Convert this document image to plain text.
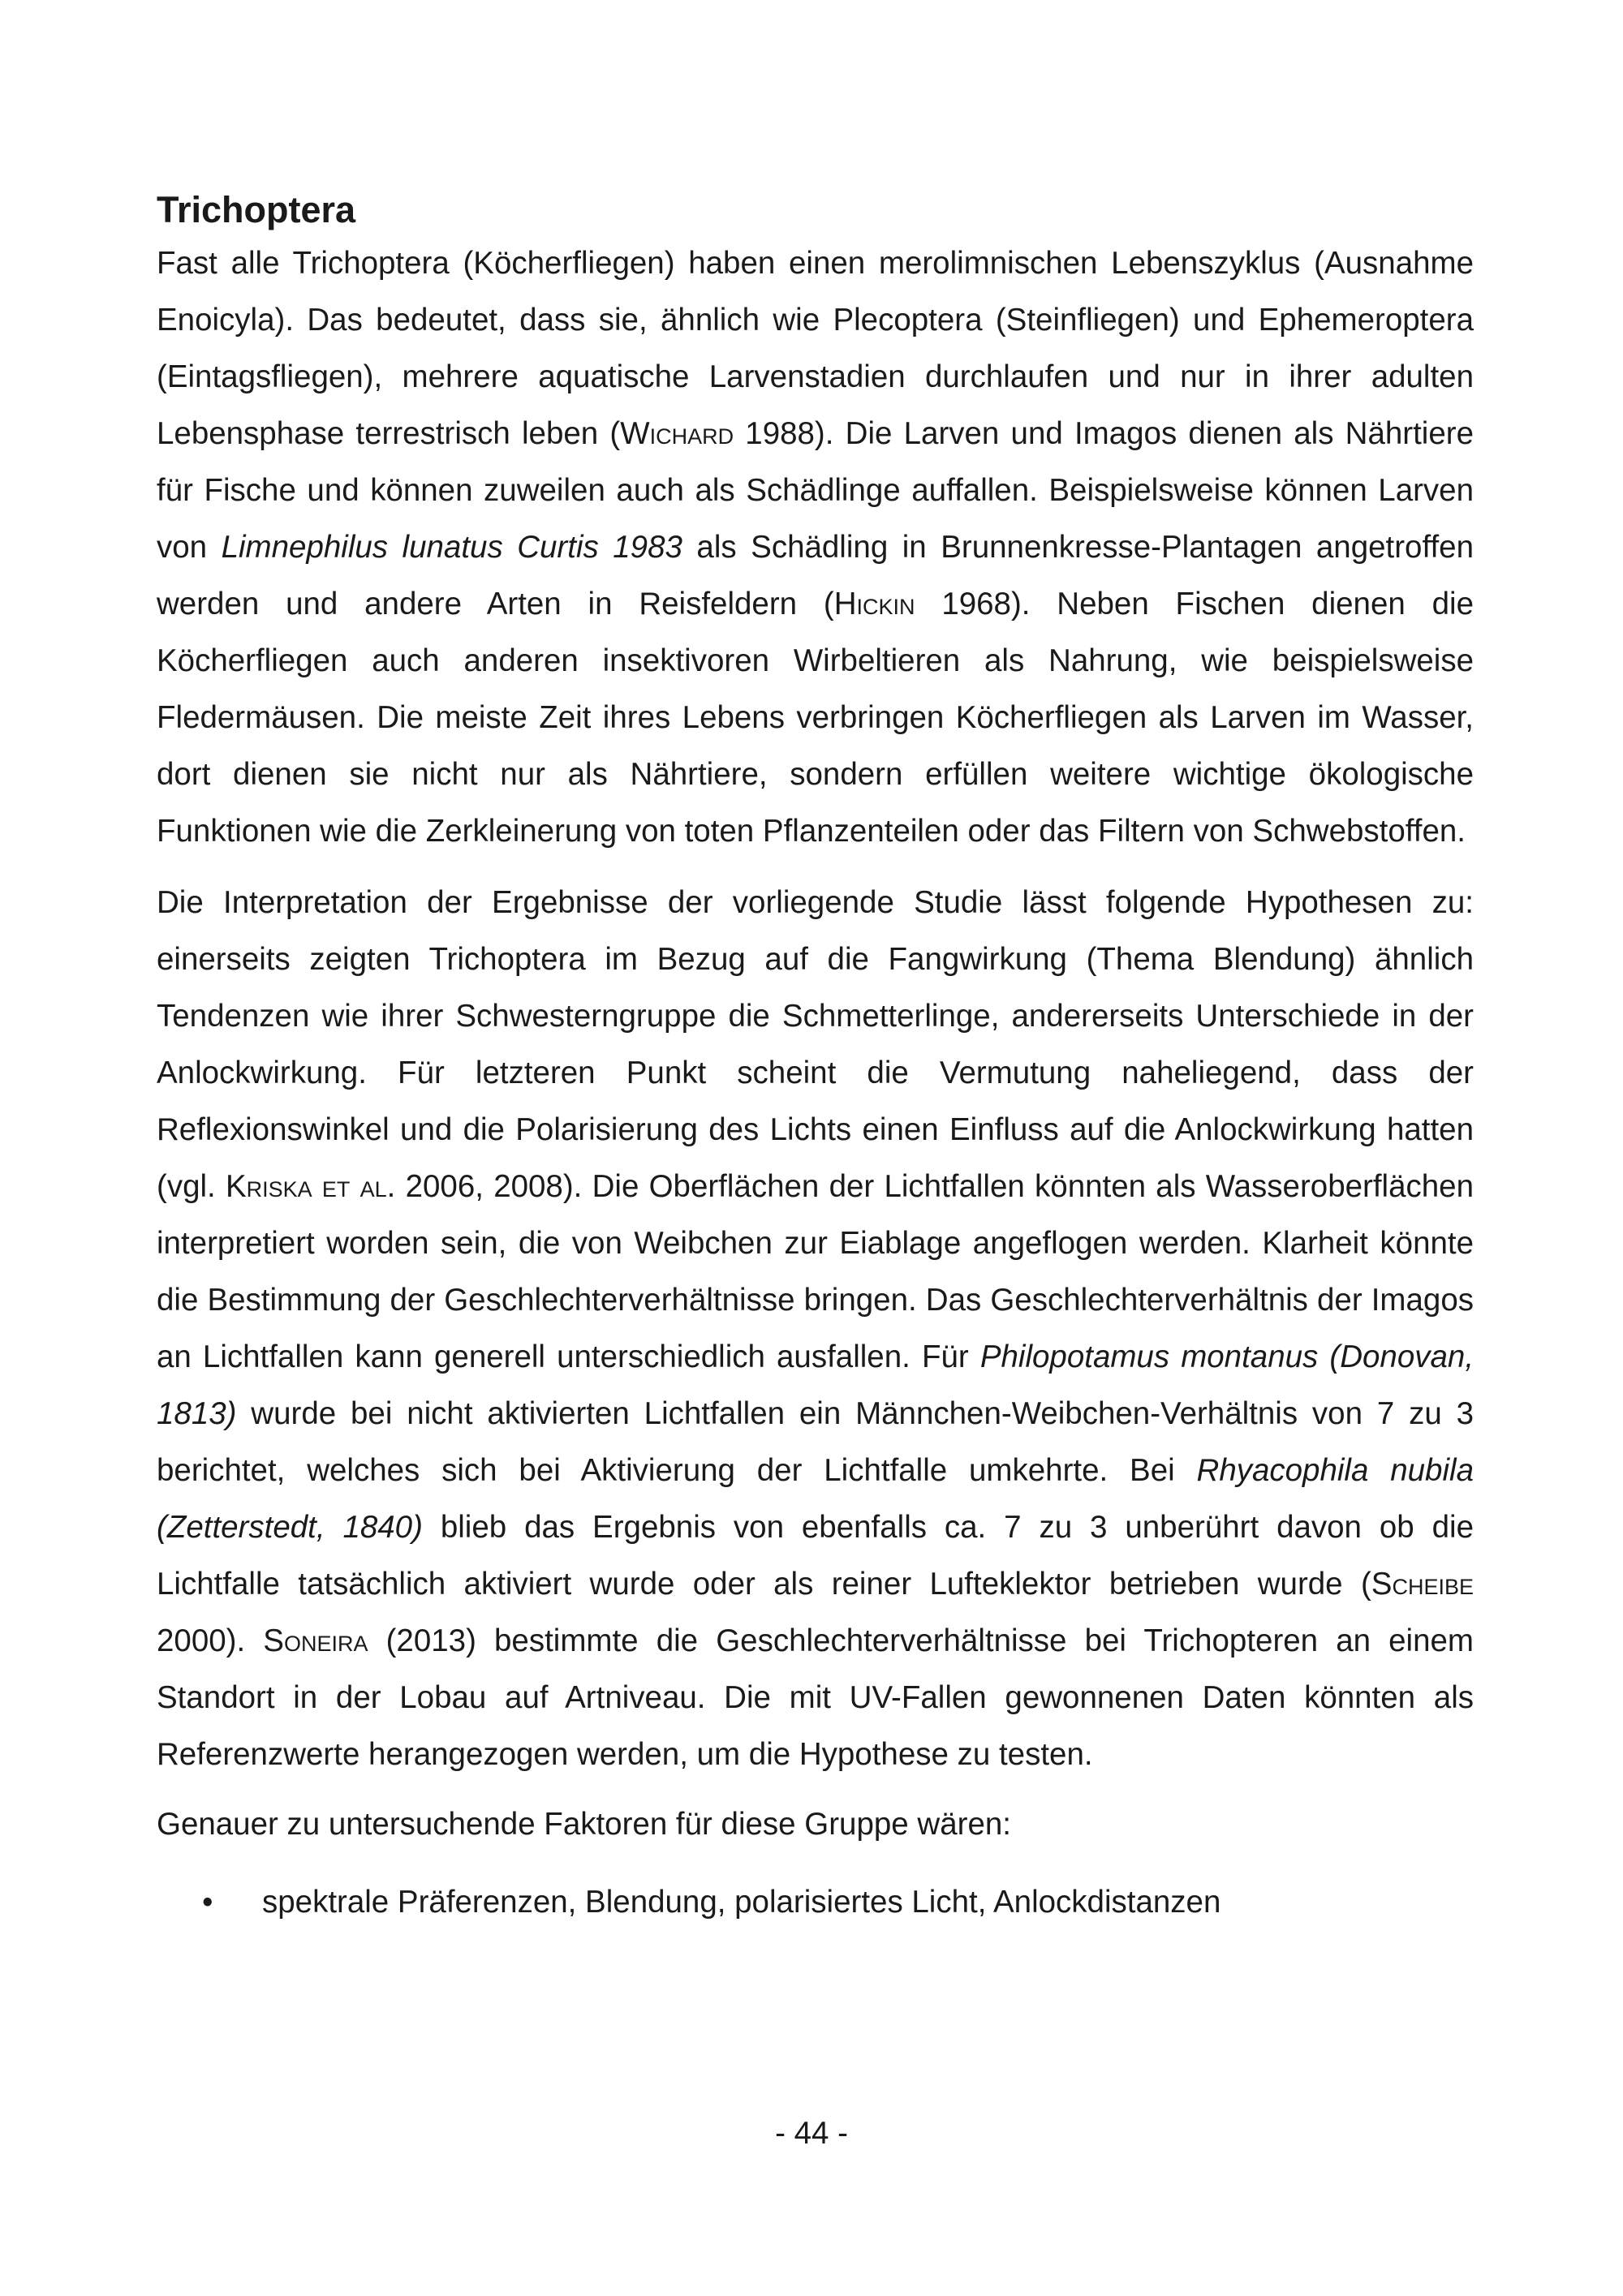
Trichoptera

Fast alle Trichoptera (Köcherfliegen) haben einen merolimnischen Lebenszyklus (Ausnahme Enoicyla). Das bedeutet, dass sie, ähnlich wie Plecoptera (Steinfliegen) und Ephemeroptera (Eintagsfliegen), mehrere aquatische Larvenstadien durchlaufen und nur in ihrer adulten Lebensphase terrestrisch leben (Wichard 1988). Die Larven und Imagos dienen als Nährtiere für Fische und können zuweilen auch als Schädlinge auffallen. Beispielsweise können Larven von Limnephilus lunatus Curtis 1983 als Schädling in Brunnenkresse-Plantagen angetroffen werden und andere Arten in Reisfeldern (Hickin 1968). Neben Fischen dienen die Köcherfliegen auch anderen insektivoren Wirbeltieren als Nahrung, wie beispielsweise Fledermäusen. Die meiste Zeit ihres Lebens verbringen Köcherfliegen als Larven im Wasser, dort dienen sie nicht nur als Nährtiere, sondern erfüllen weitere wichtige ökologische Funktionen wie die Zerkleinerung von toten Pflanzenteilen oder das Filtern von Schwebstoffen.

Die Interpretation der Ergebnisse der vorliegende Studie lässt folgende Hypothesen zu: einerseits zeigten Trichoptera im Bezug auf die Fangwirkung (Thema Blendung) ähnlich Tendenzen wie ihrer Schwesterngruppe die Schmetterlinge, andererseits Unterschiede in der Anlockwirkung. Für letzteren Punkt scheint die Vermutung naheliegend, dass der Reflexionswinkel und die Polarisierung des Lichts einen Einfluss auf die Anlockwirkung hatten (vgl. Kriska et al. 2006, 2008). Die Oberflächen der Lichtfallen könnten als Wasseroberflächen interpretiert worden sein, die von Weibchen zur Eiablage angeflogen werden. Klarheit könnte die Bestimmung der Geschlechterverhältnisse bringen. Das Geschlechterverhältnis der Imagos an Lichtfallen kann generell unterschiedlich ausfallen. Für Philopotamus montanus (Donovan, 1813) wurde bei nicht aktivierten Lichtfallen ein Männchen-Weibchen-Verhältnis von 7 zu 3 berichtet, welches sich bei Aktivierung der Lichtfalle umkehrte. Bei Rhyacophila nubila (Zetterstedt, 1840) blieb das Ergebnis von ebenfalls ca. 7 zu 3 unberührt davon ob die Lichtfalle tatsächlich aktiviert wurde oder als reiner Lufteklektor betrieben wurde (Scheibe 2000). Soneira (2013) bestimmte die Geschlechterverhältnisse bei Trichopteren an einem Standort in der Lobau auf Artniveau. Die mit UV-Fallen gewonnenen Daten könnten als Referenzwerte herangezogen werden, um die Hypothese zu testen.

Genauer zu untersuchende Faktoren für diese Gruppe wären:

• spektrale Präferenzen, Blendung, polarisiertes Licht, Anlockdistanzen
- 44 -
